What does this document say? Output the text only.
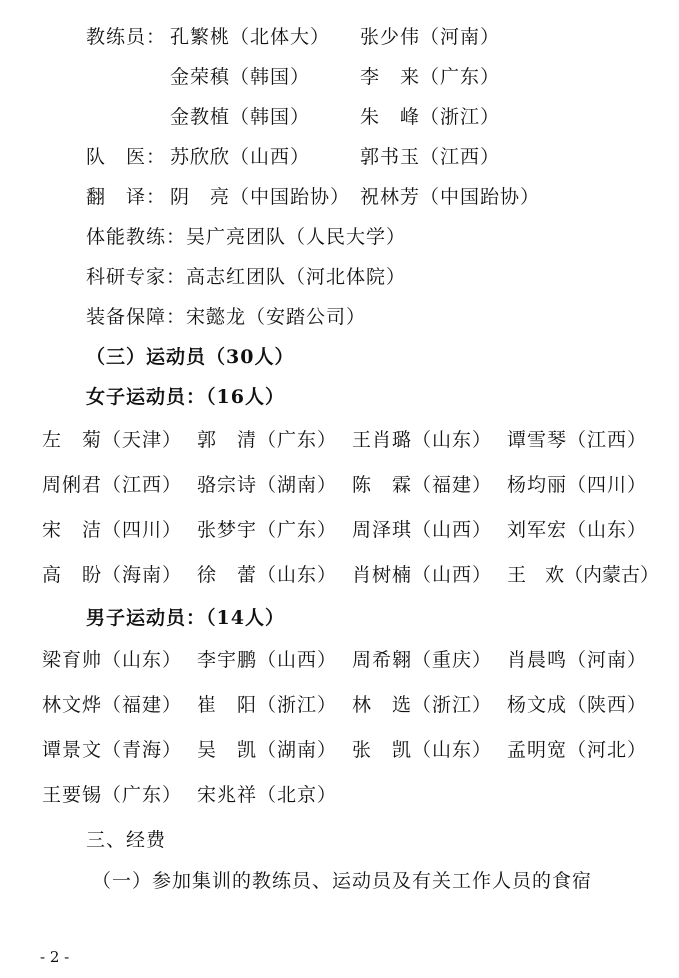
教练员： 孔繁桃（北体大） 张少伟（河南）
金荣稹（韩国）	李　来（广东）
金教植（韩国）	朱　峰（浙江）
队　医： 苏欣欣（山西）	郭书玉（江西）
翻　译： 阴　亮（中国跆协） 祝林芳（中国跆协）
体能教练：吴广亮团队（人民大学）
科研专家：高志红团队（河北体院）
装备保障：宋懿龙（安踏公司）
（三）运动员（30人）
女子运动员：（16人）
左　菊（天津） 郭　清（广东） 王肖璐（山东） 谭雪琴（江西）
周俐君（江西） 骆宗诗（湖南） 陈　霖（福建） 杨均丽（四川）
宋　洁（四川） 张梦宇（广东） 周泽琪（山西） 刘军宏（山东）
高　盼（海南） 徐　蕾（山东） 肖树楠（山西） 王　欢（内蒙古）
男子运动员：（14人）
梁育帅（山东） 李宇鹏（山西） 周希翱（重庆） 肖晨鸣（河南）
林文烨（福建） 崔　阳（浙江） 林　选（浙江） 杨文成（陕西）
谭景文（青海） 吴　凯（湖南） 张　凯（山东） 孟明宽（河北）
王要锡（广东） 宋兆祥（北京）
三、经费
（一）参加集训的教练员、运动员及有关工作人员的食宿
- 2 -
